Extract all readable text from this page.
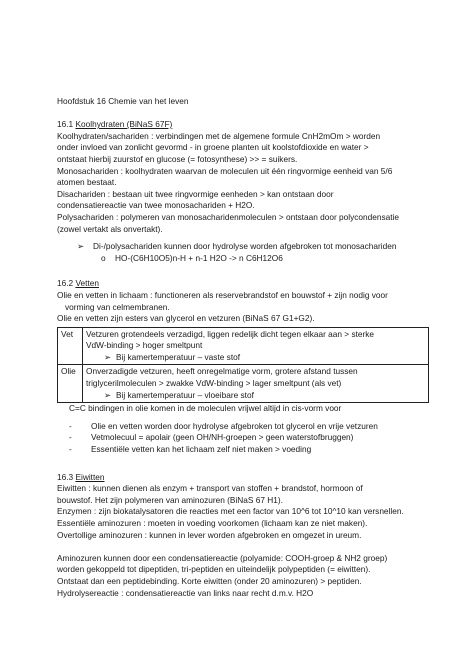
Hoofdstuk 16 Chemie van het leven

16.1 Koolhydraten (BiNaS 67F)

Koolhydraten/sachariden : verbindingen met de algemene formule CnH2mOm > worden

onder invloed van zonlicht gevormd - in groene planten uit koolstofdioxide en water >

ontstaat hierbij zuurstof en glucose (= fotosynthese) >> = suikers.

Monosachariden : koolhydraten waarvan de moleculen uit één ringvormige eenheid van 5/6

atomen bestaat.

Disachariden : bestaan uit twee ringvormige eenheden > kan ontstaan door

condensatiereactie van twee monosachariden + H2O.

Polysachariden : polymeren van monosacharidenmoleculen > ontstaan door polycondensatie

(zowel vertakt als onvertakt).

➢	Di-/polysachariden kunnen door hydrolyse worden afgebroken tot monosachariden
o	HO-(C6H10O5)n-H + n-1 H2O -> n C6H12O6

16.2 Vetten

Olie en vetten in lichaam : functioneren als reservebrandstof en bouwstof + zijn nodig voor

vorming van celmembranen.

Olie en vetten zijn esters van glycerol en vetzuren (BiNaS 67 G1+G2).

Vet	Vetzuren grotendeels verzadigd, liggen redelijk dicht tegen elkaar aan > sterke

VdW-binding > hoger smeltpunt

➢ Bij kamertemperatuur – vaste stof

Olie	Onverzadigde vetzuren, heeft onregelmatige vorm, grotere afstand tussen

triglycerilmoleculen > zwakke VdW-binding > lager smeltpunt (als vet)

➢ Bij kamertemperatuur – vloeibare stof

C=C bindingen in olie komen in de moleculen vrijwel altijd in cis-vorm voor

-	Olie en vetten worden door hydrolyse afgebroken tot glycerol en vrije vetzuren
-	Vetmolecuul = apolair (geen OH/NH-groepen > geen waterstofbruggen)
-	Essentiële vetten kan het lichaam zelf niet maken > voeding

16.3 Eiwitten

Eiwitten : kunnen dienen als enzym + transport van stoffen + brandstof, hormoon of

bouwstof. Het zijn polymeren van aminozuren (BiNaS 67 H1).

Enzymen : zijn biokatalysatoren die reacties met een factor van 10^6 tot 10^10 kan versnellen.

Essentiële aminozuren : moeten in voeding voorkomen (lichaam kan ze niet maken).

Overtollige aminozuren : kunnen in lever worden afgebroken en omgezet in ureum.

Aminozuren kunnen door een condensatiereactie (polyamide: COOH-groep & NH2 groep)

worden gekoppeld tot dipeptiden, tri-peptiden en uiteindelijk polypeptiden (= eiwitten).

Ontstaat dan een peptidebinding. Korte eiwitten (onder 20 aminozuren) > peptiden.

Hydrolysereactie : condensatiereactie van links naar recht d.m.v. H2O
